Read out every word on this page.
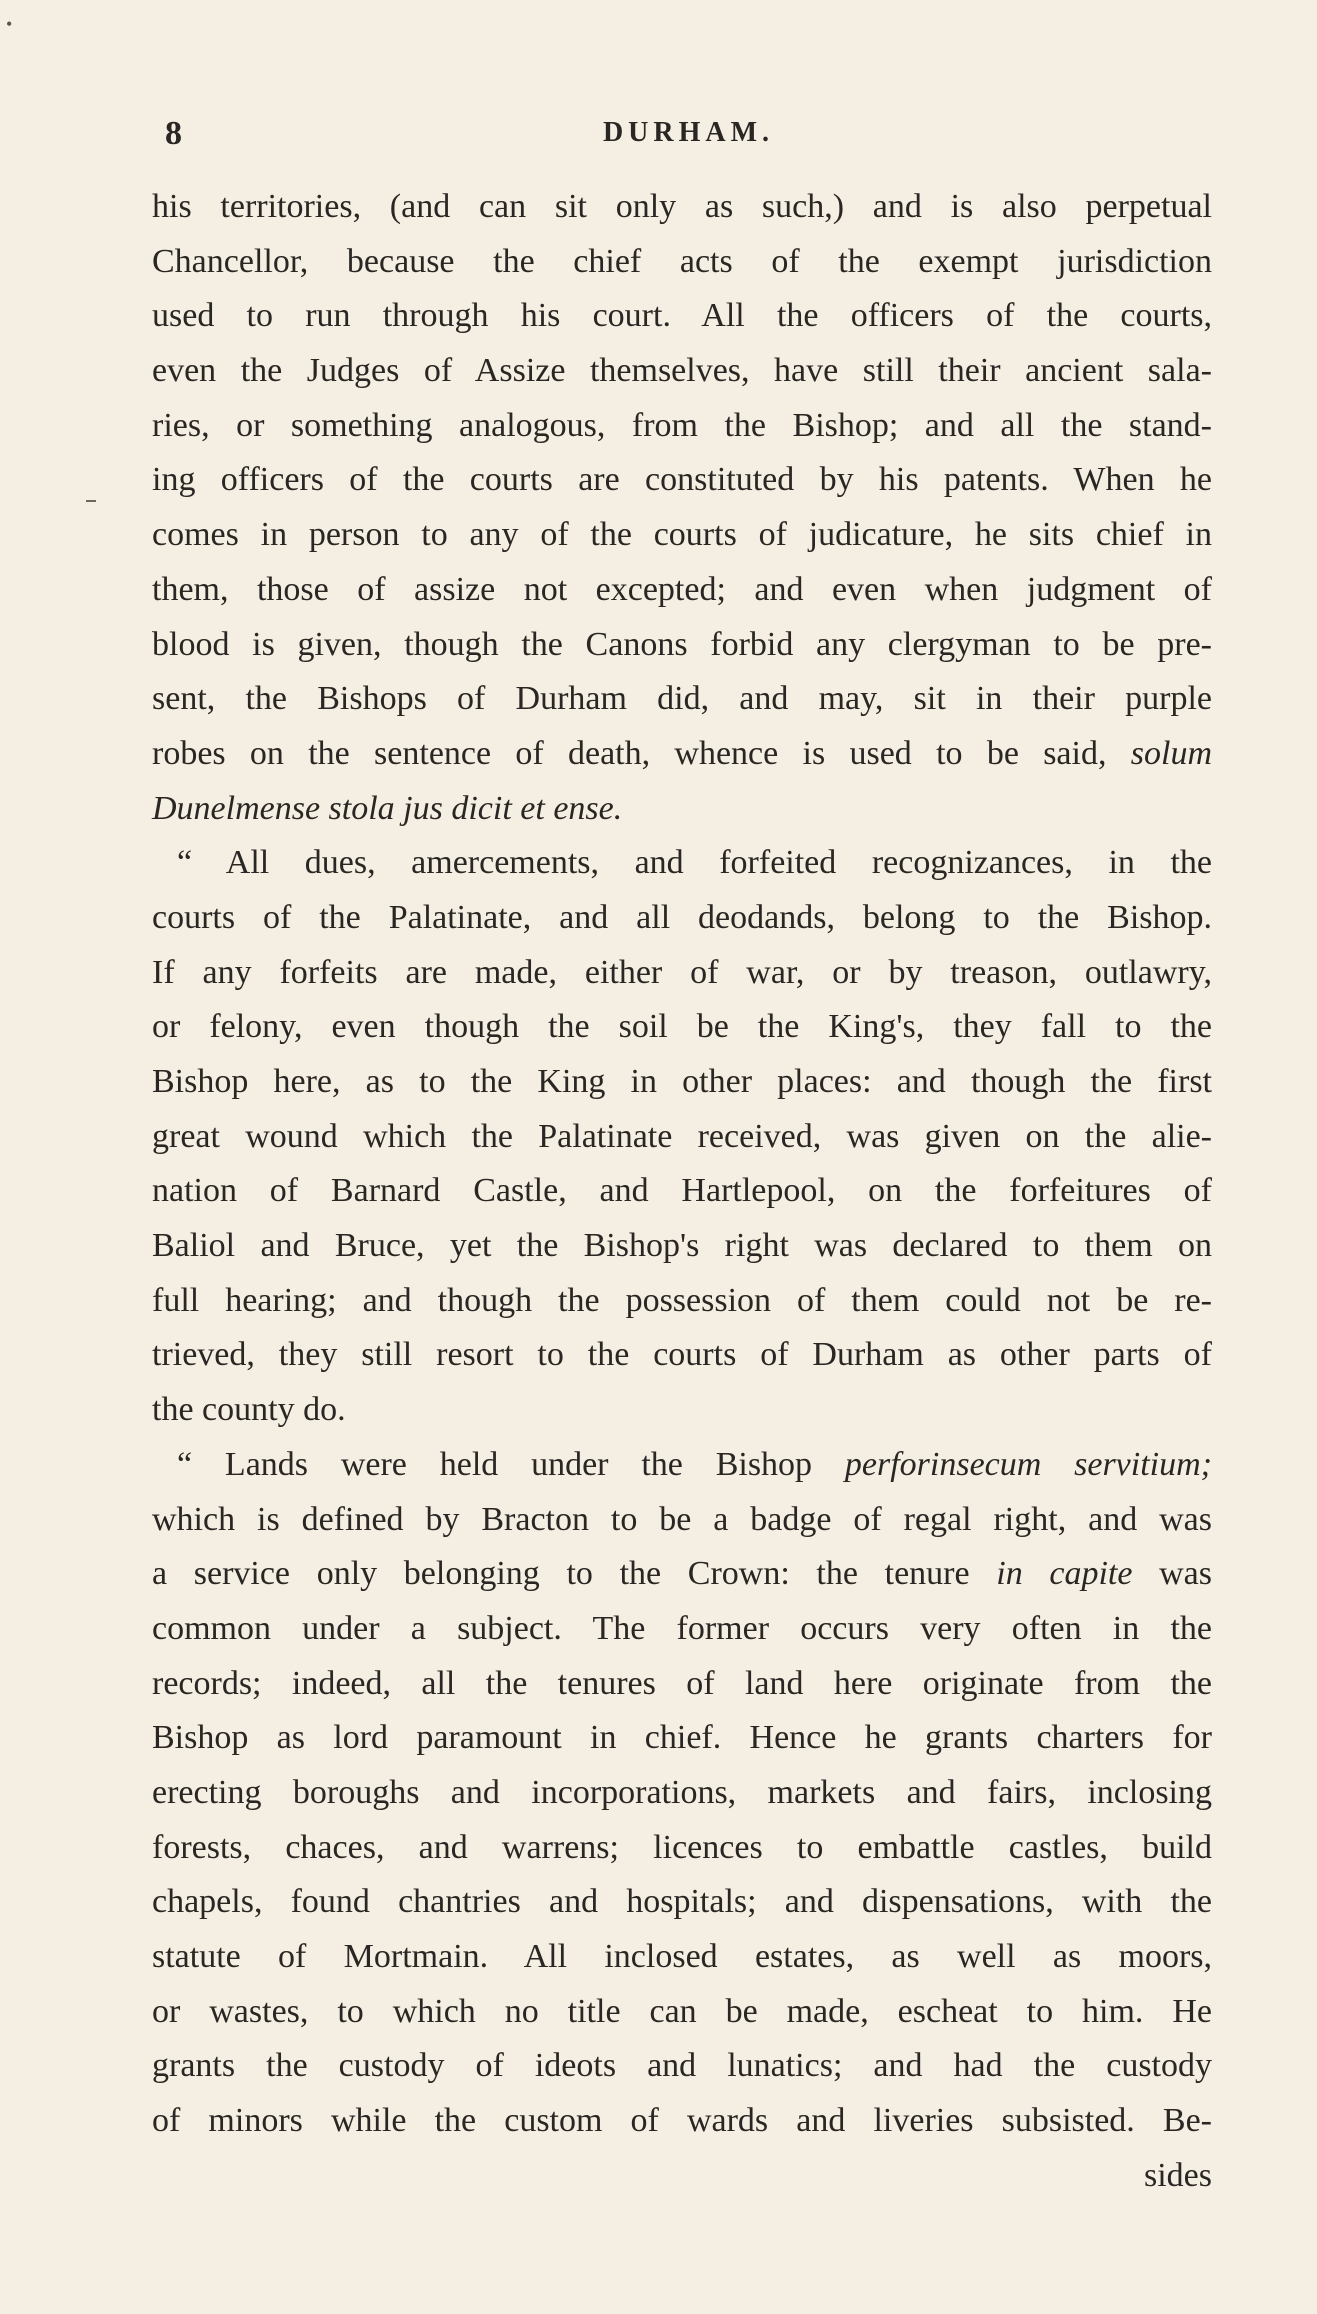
•
8	DURHAM.
his territories, (and can sit only as such,) and is also perpetual
Chancellor, because the chief acts of the exempt jurisdiction
used to run through his court. All the officers of the courts,
even the Judges of Assize themselves, have still their ancient sala-
ries, or something analogous, from the Bishop; and all the stand-
ing officers of the courts are constituted by his patents. When he
comes in person to any of the courts of judicature, he sits chief in
them, those of assize not excepted; and even when judgment of
blood is given, though the Canons forbid any clergyman to be pre-
sent, the Bishops of Durham did, and may, sit in their purple
robes on the sentence of death, whence is used to be said, solum
Dunelmense stola jus dicit et ense.
“ All dues, amercements, and forfeited recognizances, in the
courts of the Palatinate, and all deodands, belong to the Bishop.
If any forfeits are made, either of war, or by treason, outlawry,
or felony, even though the soil be the King's, they fall to the
Bishop here, as to the King in other places: and though the first
great wound which the Palatinate received, was given on the alie-
nation of Barnard Castle, and Hartlepool, on the forfeitures of
Baliol and Bruce, yet the Bishop's right was declared to them on
full hearing; and though the possession of them could not be re-
trieved, they still resort to the courts of Durham as other parts of
the county do.
“ Lands were held under the Bishop perforinsecum servitium;
which is defined by Bracton to be a badge of regal right, and was
a service only belonging to the Crown: the tenure in capite was
common under a subject. The former occurs very often in the
records; indeed, all the tenures of land here originate from the
Bishop as lord paramount in chief. Hence he grants charters for
erecting boroughs and incorporations, markets and fairs, inclosing
forests, chaces, and warrens; licences to embattle castles, build
chapels, found chantries and hospitals; and dispensations, with the
statute of Mortmain. All inclosed estates, as well as moors,
or wastes, to which no title can be made, escheat to him. He
grants the custody of ideots and lunatics; and had the custody
of minors while the custom of wards and liveries subsisted. Be-
sides
